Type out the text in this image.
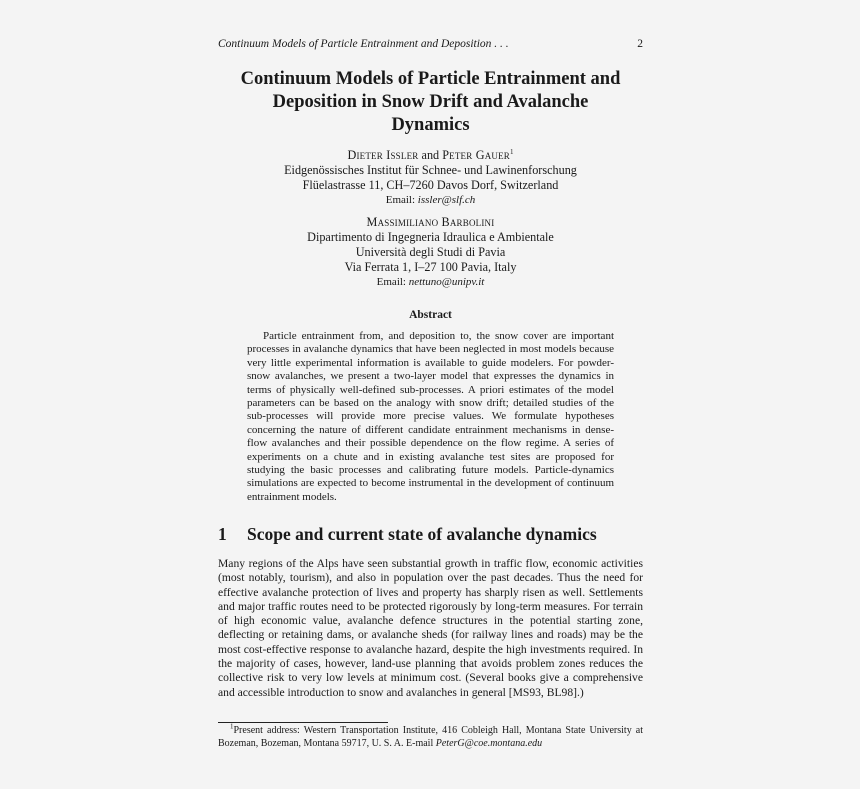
Continuum Models of Particle Entrainment and Deposition . . .	2
Continuum Models of Particle Entrainment and
Deposition in Snow Drift and Avalanche
Dynamics
Dieter Issler and Peter Gauer$^1$
Eidgenössisches Institut für Schnee- und Lawinenforschung
Flüelastrasse 11, CH–7260 Davos Dorf, Switzerland
Email: issler@slf.ch
Massimiliano Barbolini
Dipartimento di Ingegneria Idraulica e Ambientale
Università degli Studi di Pavia
Via Ferrata 1, I–27 100 Pavia, Italy
Email: nettuno@unipv.it
Abstract
Particle entrainment from, and deposition to, the snow cover are important processes in avalanche dynamics that have been neglected in most models because very little experimental information is available to guide modelers. For powder-snow avalanches, we present a two-layer model that expresses the dynamics in terms of physically well-defined sub-processes. A priori estimates of the model parameters can be based on the analogy with snow drift; detailed studies of the sub-processes will provide more precise values. We formulate hypotheses concerning the nature of different candidate entrainment mechanisms in dense-flow avalanches and their possible dependence on the flow regime. A series of experiments on a chute and in existing avalanche test sites are proposed for studying the basic processes and calibrating future models. Particle-dynamics simulations are expected to become instrumental in the development of continuum entrainment models.
1 Scope and current state of avalanche dynamics
Many regions of the Alps have seen substantial growth in traffic flow, economic activities (most notably, tourism), and also in population over the past decades. Thus the need for effective avalanche protection of lives and property has sharply risen as well. Settlements and major traffic routes need to be protected rigorously by long-term measures. For terrain of high economic value, avalanche defence structures in the potential starting zone, deflecting or retaining dams, or avalanche sheds (for railway lines and roads) may be the most cost-effective response to avalanche hazard, despite the high investments required. In the majority of cases, however, land-use planning that avoids problem zones reduces the collective risk to very low levels at minimum cost. (Several books give a comprehensive and accessible introduction to snow and avalanches in general [MS93, BL98].)
$^1$Present address: Western Transportation Institute, 416 Cobleigh Hall, Montana State University at Bozeman, Bozeman, Montana 59717, U. S. A. E-mail PeterG@coe.montana.edu
